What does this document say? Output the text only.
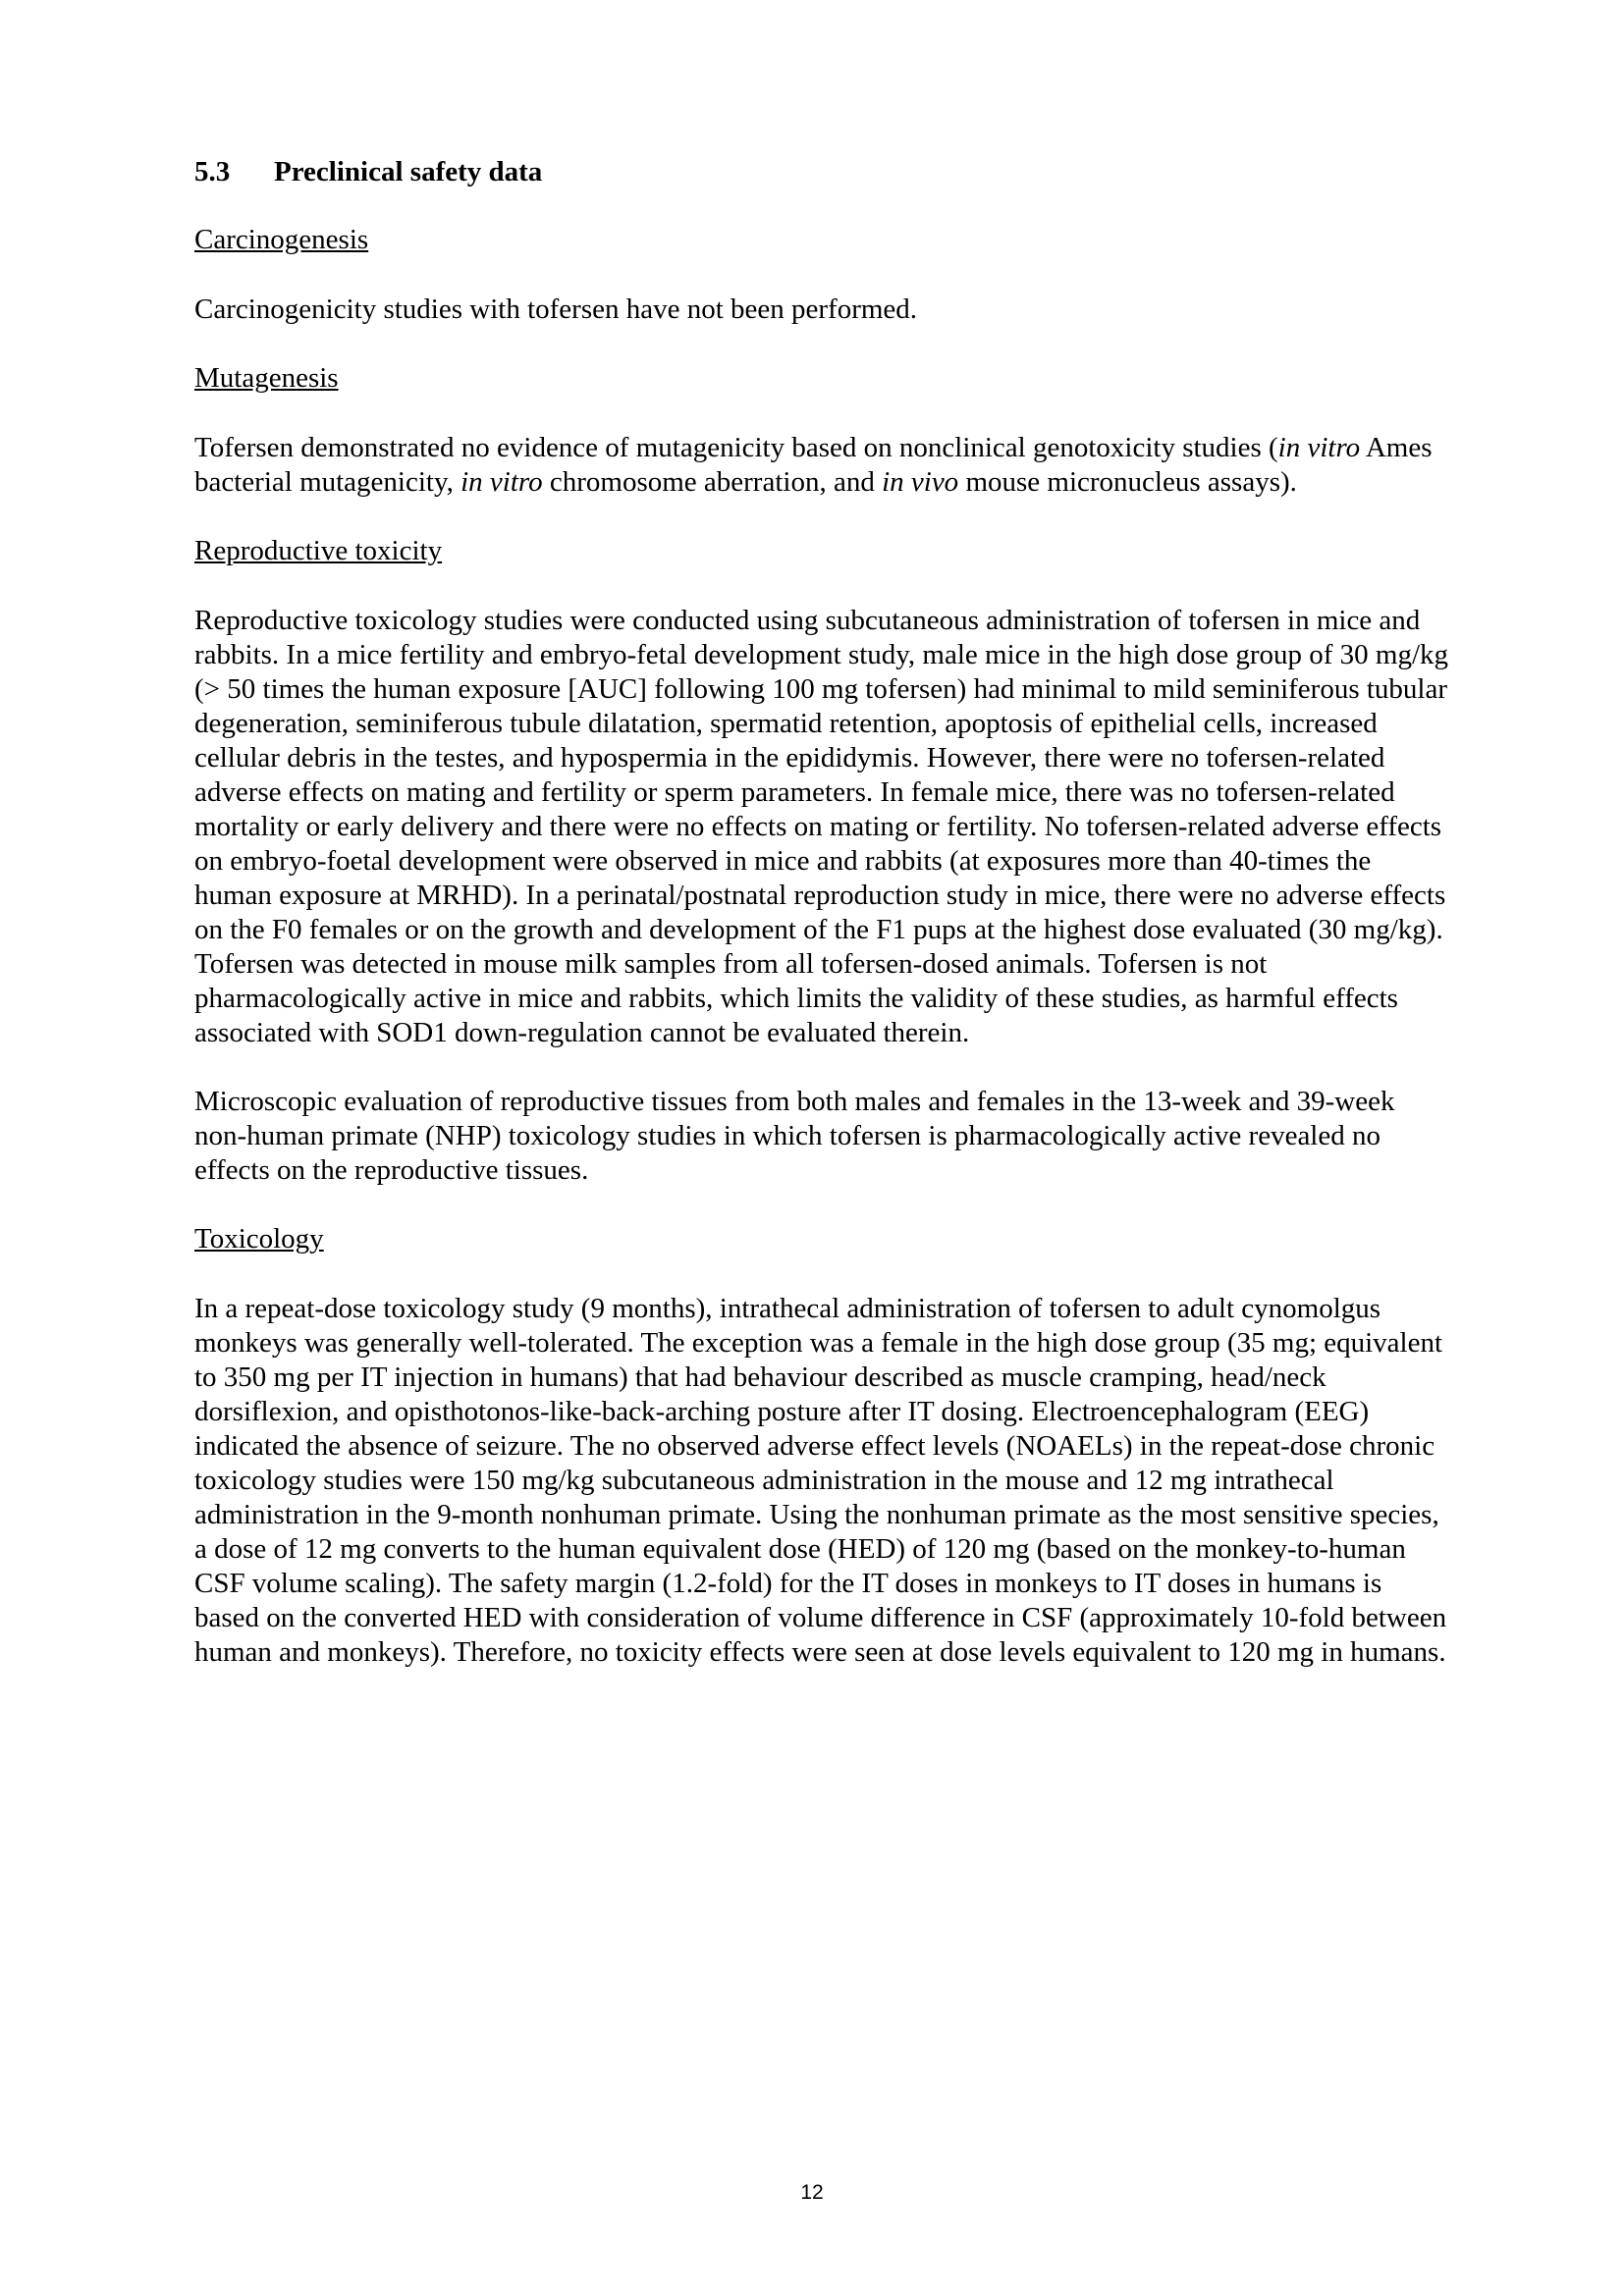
5.3 Preclinical safety data
Carcinogenesis
Carcinogenicity studies with tofersen have not been performed.
Mutagenesis
Tofersen demonstrated no evidence of mutagenicity based on nonclinical genotoxicity studies (in vitro Ames bacterial mutagenicity, in vitro chromosome aberration, and in vivo mouse micronucleus assays).
Reproductive toxicity
Reproductive toxicology studies were conducted using subcutaneous administration of tofersen in mice and rabbits. In a mice fertility and embryo-fetal development study, male mice in the high dose group of 30 mg/kg (> 50 times the human exposure [AUC] following 100 mg tofersen) had minimal to mild seminiferous tubular degeneration, seminiferous tubule dilatation, spermatid retention, apoptosis of epithelial cells, increased cellular debris in the testes, and hypospermia in the epididymis. However, there were no tofersen-related adverse effects on mating and fertility or sperm parameters. In female mice, there was no tofersen-related mortality or early delivery and there were no effects on mating or fertility. No tofersen-related adverse effects on embryo-foetal development were observed in mice and rabbits (at exposures more than 40-times the human exposure at MRHD). In a perinatal/postnatal reproduction study in mice, there were no adverse effects on the F0 females or on the growth and development of the F1 pups at the highest dose evaluated (30 mg/kg). Tofersen was detected in mouse milk samples from all tofersen-dosed animals. Tofersen is not pharmacologically active in mice and rabbits, which limits the validity of these studies, as harmful effects associated with SOD1 down-regulation cannot be evaluated therein.
Microscopic evaluation of reproductive tissues from both males and females in the 13-week and 39-week non-human primate (NHP) toxicology studies in which tofersen is pharmacologically active revealed no effects on the reproductive tissues.
Toxicology
In a repeat-dose toxicology study (9 months), intrathecal administration of tofersen to adult cynomolgus monkeys was generally well-tolerated. The exception was a female in the high dose group (35 mg; equivalent to 350 mg per IT injection in humans) that had behaviour described as muscle cramping, head/neck dorsiflexion, and opisthotonos-like-back-arching posture after IT dosing. Electroencephalogram (EEG) indicated the absence of seizure. The no observed adverse effect levels (NOAELs) in the repeat-dose chronic toxicology studies were 150 mg/kg subcutaneous administration in the mouse and 12 mg intrathecal administration in the 9-month nonhuman primate. Using the nonhuman primate as the most sensitive species, a dose of 12 mg converts to the human equivalent dose (HED) of 120 mg (based on the monkey-to-human CSF volume scaling). The safety margin (1.2-fold) for the IT doses in monkeys to IT doses in humans is based on the converted HED with consideration of volume difference in CSF (approximately 10-fold between human and monkeys). Therefore, no toxicity effects were seen at dose levels equivalent to 120 mg in humans.
12
